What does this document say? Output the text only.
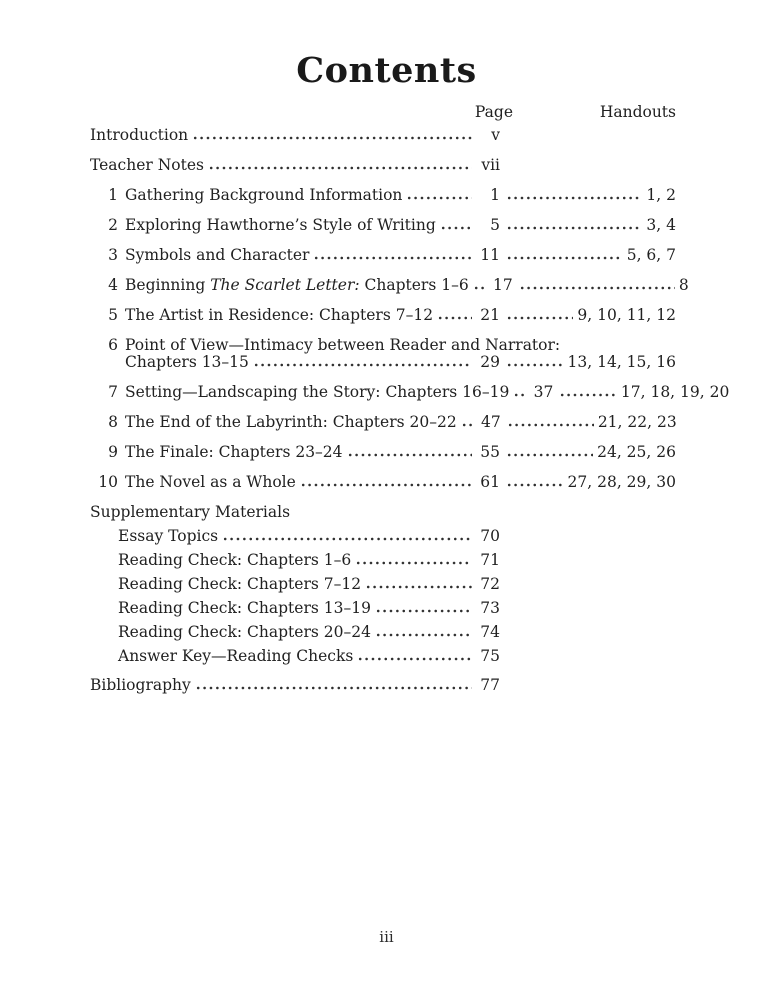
Contents
Page	Handouts
Introduction	v
Teacher Notes	vii
1 Gathering Background Information	1	1, 2
2 Exploring Hawthorne’s Style of Writing	5	3, 4
3 Symbols and Character	11	5, 6, 7
4 Beginning The Scarlet Letter: Chapters 1–6 17	8
5 The Artist in Residence: Chapters 7–12	21	9, 10, 11, 12
6 Point of View—Intimacy between Reader and Narrator:
Chapters 13–15	29	13, 14, 15, 16
7 Setting—Landscaping the Story: Chapters 16–19 37	17, 18, 19, 20
8 The End of the Labyrinth: Chapters 20–22 47	21, 22, 23
9 The Finale: Chapters 23–24	55	24, 25, 26
10 The Novel as a Whole	61	27, 28, 29, 30
Supplementary Materials
Essay Topics	70
Reading Check: Chapters 1–6	71
Reading Check: Chapters 7–12	72
Reading Check: Chapters 13–19	73
Reading Check: Chapters 20–24	74
Answer Key—Reading Checks	75
Bibliography	77
iii
